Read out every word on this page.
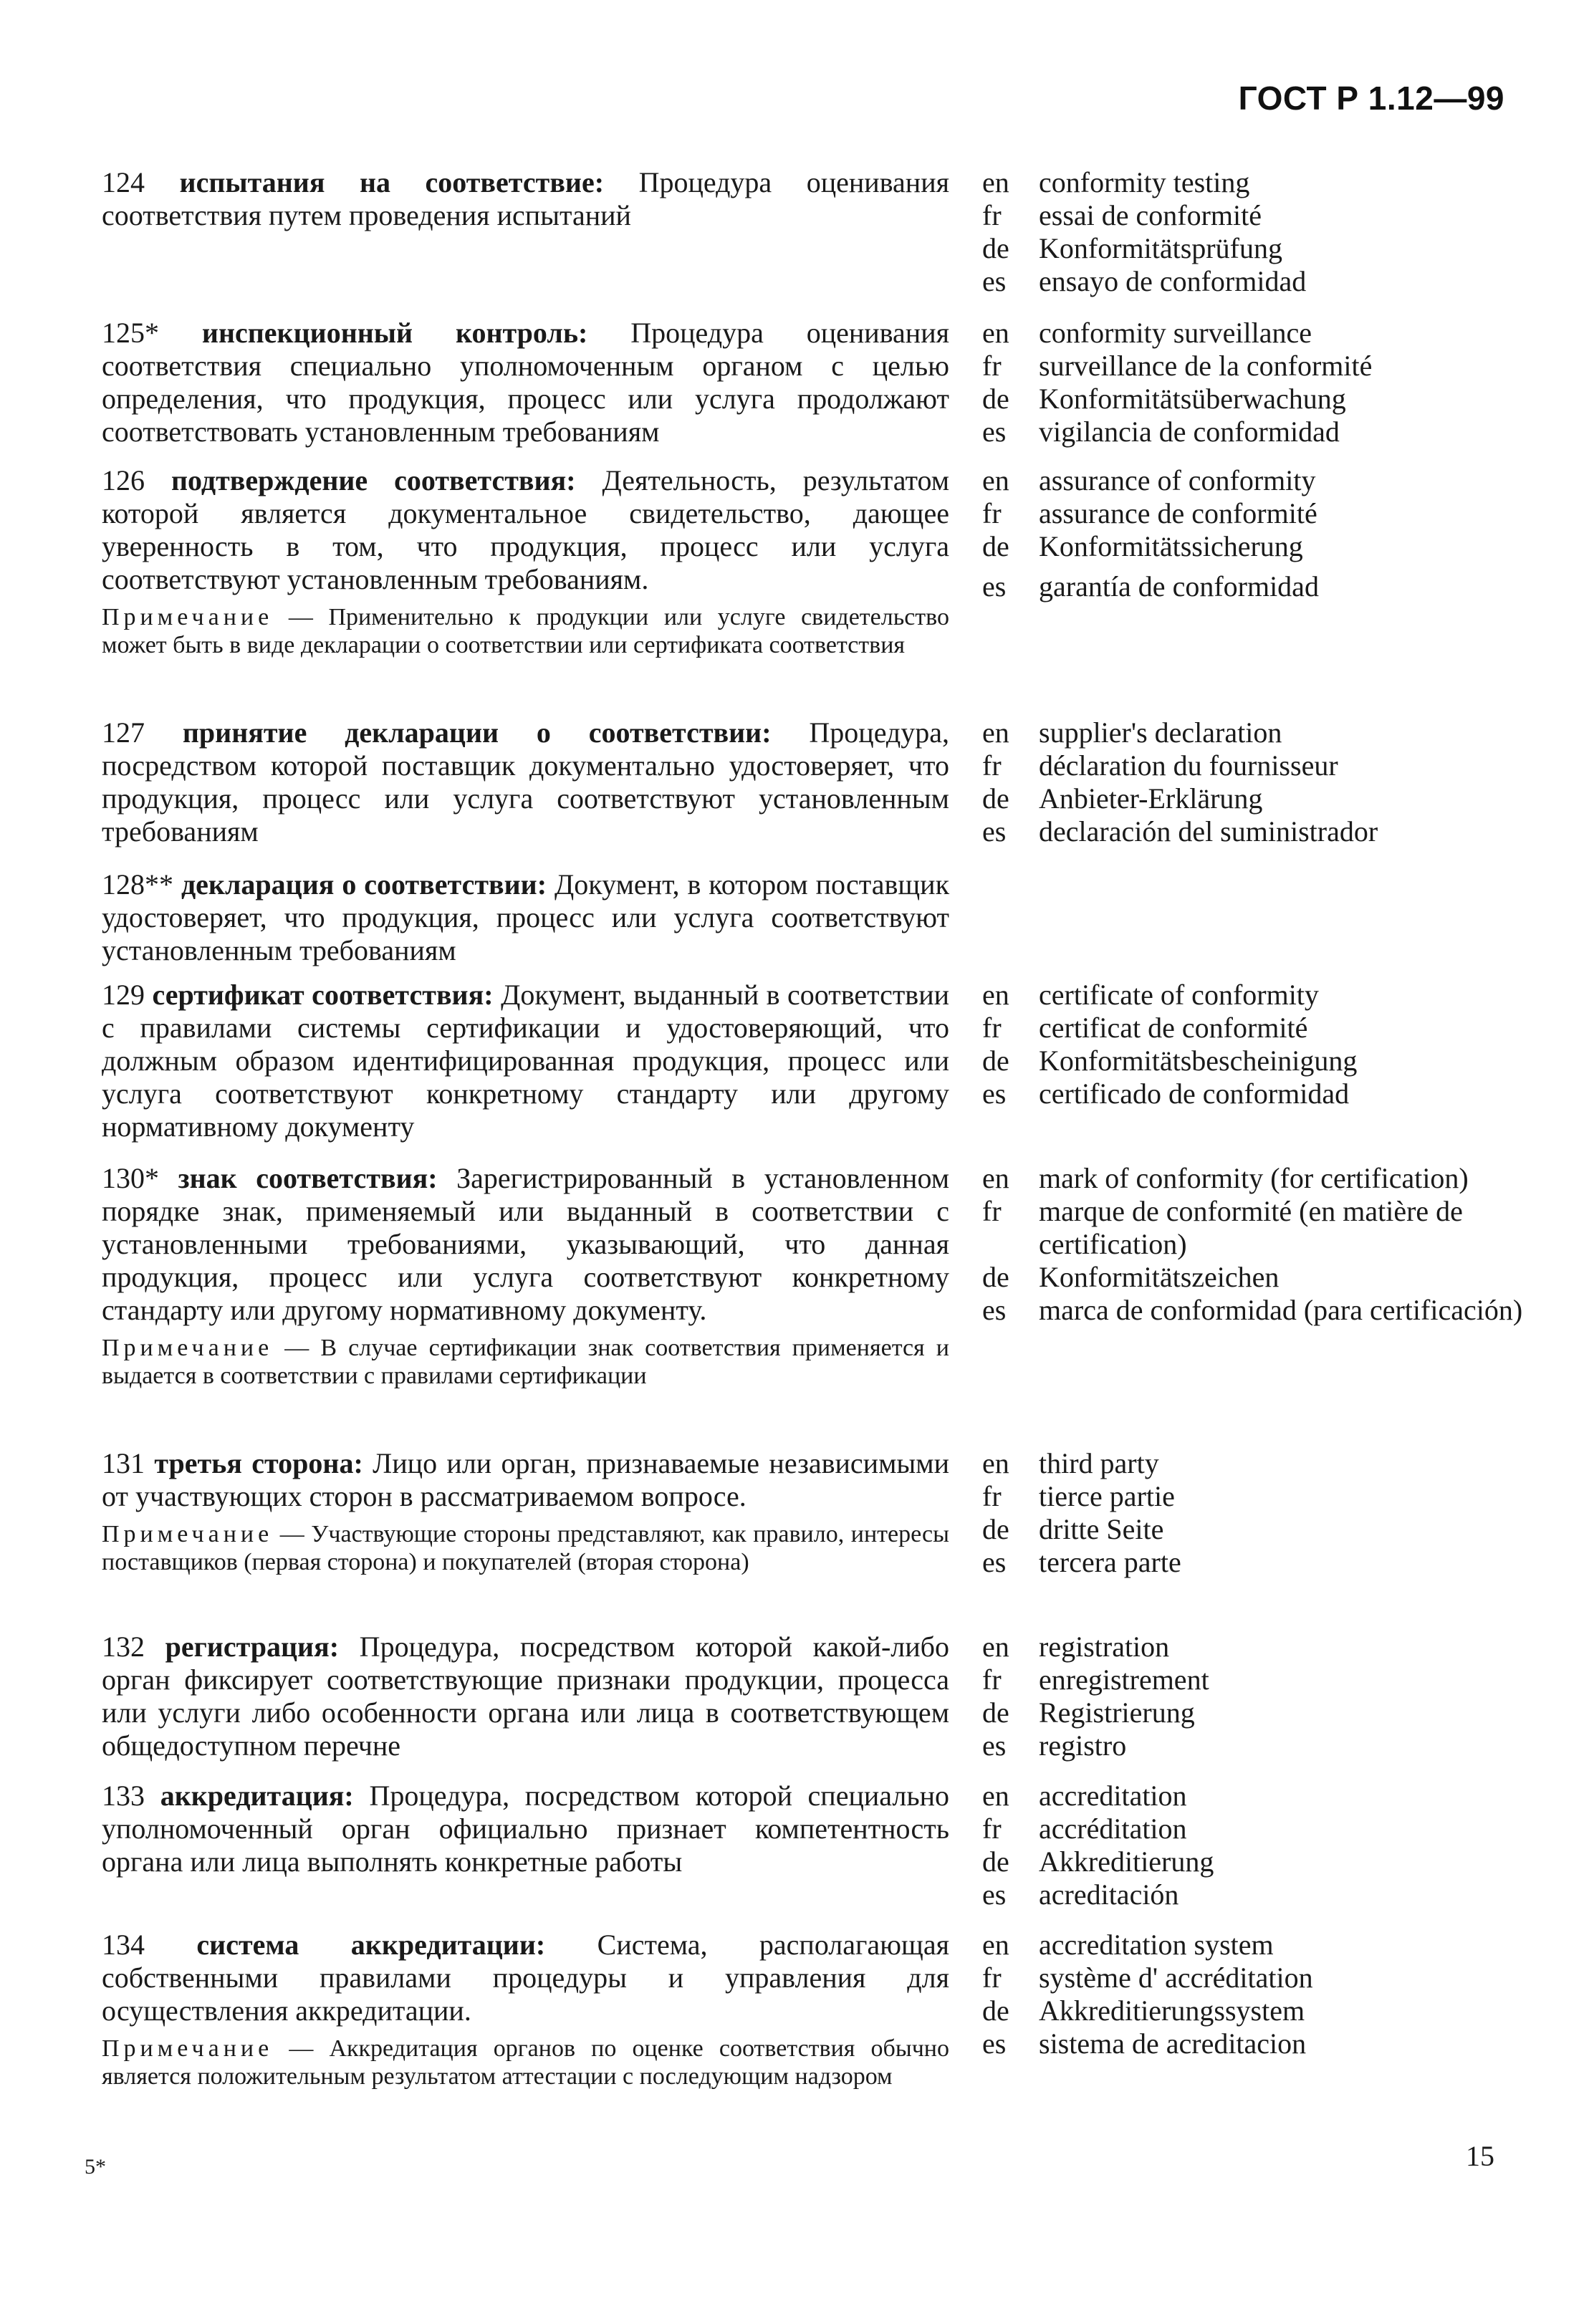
ГОСТ Р 1.12—99
124 испытания на соответствие: Процедура оценивания соответствия путем проведения испытаний
en	conformity testing
fr	essai de conformité
de	Konformitätsprüfung
es	ensayo de conformidad
125* инспекционный контроль: Процедура оценивания соответствия специально уполномоченным органом с целью определения, что продукция, процесс или услуга продолжают соответствовать установленным требованиям
en	conformity surveillance
fr	surveillance de la conformité
de	Konformitätsüberwachung
es	vigilancia de conformidad
126 подтверждение соответствия: Деятельность, результатом которой является документальное свидетельство, дающее уверенность в том, что продукция, процесс или услуга соответствуют установленным требованиям.
Примечание — Применительно к продукции или услуге свидетельство может быть в виде декларации о соответствии или сертификата соответствия
en	assurance of conformity
fr	assurance de conformité
de	Konformitätssicherung
es	garantía de conformidad
127 принятие декларации о соответствии: Процедура, посредством которой поставщик документально удостоверяет, что продукция, процесс или услуга соответствуют установленным требованиям
en	supplier's declaration
fr	déclaration du fournisseur
de	Anbieter-Erklärung
es	declaración del suministrador
128** декларация о соответствии: Документ, в котором поставщик удостоверяет, что продукция, процесс или услуга соответствуют установленным требованиям
129 сертификат соответствия: Документ, выданный в соответствии с правилами системы сертификации и удостоверяющий, что должным образом идентифицированная продукция, процесс или услуга соответствуют конкретному стандарту или другому нормативному документу
en	certificate of conformity
fr	certificat de conformité
de	Konformitätsbescheinigung
es	certificado de conformidad
130* знак соответствия: Зарегистрированный в установленном порядке знак, применяемый или выданный в соответствии с установленными требованиями, указывающий, что данная продукция, процесс или услуга соответствуют конкретному стандарту или другому нормативному документу.
Примечание — В случае сертификации знак соответствия применяется и выдается в соответствии с правилами сертификации
en	mark of conformity (for certification)
fr	marque de conformité (en matière de certification)
de	Konformitätszeichen
es	marca de conformidad (para certificación)
131 третья сторона: Лицо или орган, признаваемые независимыми от участвующих сторон в рассматриваемом вопросе.
Примечание — Участвующие стороны представляют, как правило, интересы поставщиков (первая сторона) и покупателей (вторая сторона)
en	third party
fr	tierce partie
de	dritte Seite
es	tercera parte
132 регистрация: Процедура, посредством которой какой-либо орган фиксирует соответствующие признаки продукции, процесса или услуги либо особенности органа или лица в соответствующем общедоступном перечне
en	registration
fr	enregistrement
de	Registrierung
es	registro
133 аккредитация: Процедура, посредством которой специально уполномоченный орган официально признает компетентность органа или лица выполнять конкретные работы
en	accreditation
fr	accréditation
de	Akkreditierung
es	acreditación
134 система аккредитации: Система, располагающая собственными правилами процедуры и управления для осуществления аккредитации.
Примечание — Аккредитация органов по оценке соответствия обычно является положительным результатом аттестации с последующим надзором
en	accreditation system
fr	système d' accréditation
de	Akkreditierungssystem
es	sistema de acreditacion
5*	15
